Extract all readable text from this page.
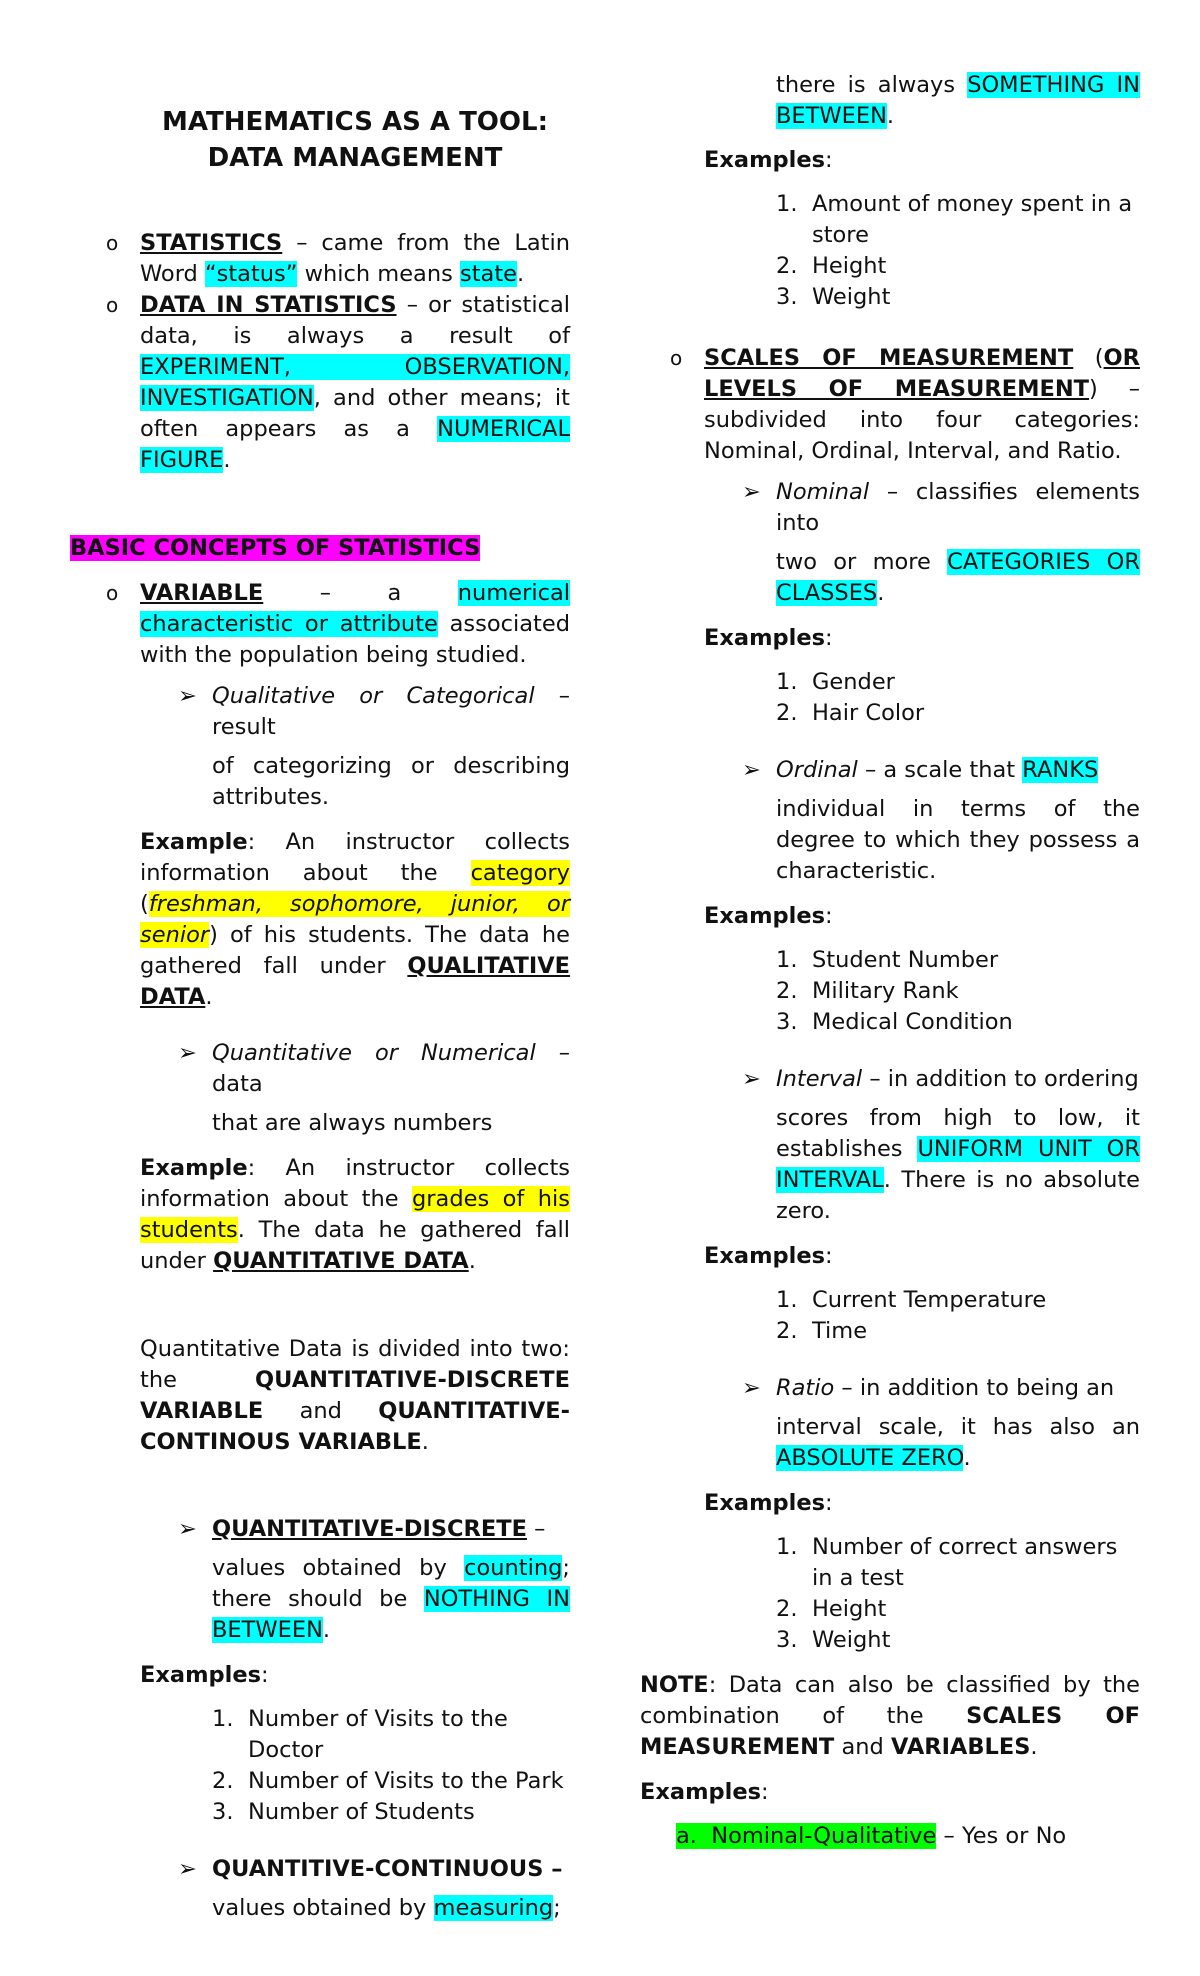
MATHEMATICS AS A TOOL:
DATA MANAGEMENT
o STATISTICS – came from the Latin Word “status” which means state.
o DATA IN STATISTICS – or statistical data, is always a result of EXPERIMENT, OBSERVATION, INVESTIGATION, and other means; it often appears as a NUMERICAL FIGURE.
BASIC CONCEPTS OF STATISTICS
o VARIABLE – a numerical characteristic or attribute associated with the population being studied.
➢ Qualitative or Categorical – result
of categorizing or describing attributes.

Example: An instructor collects information about the category (freshman, sophomore, junior, or senior) of his students. The data he gathered fall under QUALITATIVE DATA.

➢ Quantitative or Numerical – data
that are always numbers

Example: An instructor collects information about the grades of his students. The data he gathered fall under QUANTITATIVE DATA.

Quantitative Data is divided into two: the QUANTITATIVE-DISCRETE VARIABLE and QUANTITATIVE-CONTINOUS VARIABLE.

➢ QUANTITATIVE-DISCRETE –
values obtained by counting; there should be NOTHING IN BETWEEN.
Examples:
1. Number of Visits to the Doctor
2. Number of Visits to the Park
3. Number of Students
➢ QUANTITIVE-CONTINUOUS –
values obtained by measuring;
there is always SOMETHING IN BETWEEN.
Examples:
1. Amount of money spent in a store
2. Height
3. Weight
o SCALES OF MEASUREMENT (OR LEVELS OF MEASUREMENT) – subdivided into four categories: Nominal, Ordinal, Interval, and Ratio.
➢ Nominal – classifies elements into
two or more CATEGORIES OR CLASSES.
Examples:
1. Gender
2. Hair Color
➢ Ordinal – a scale that RANKS
individual in terms of the degree to which they possess a characteristic.
Examples:
1. Student Number
2. Military Rank
3. Medical Condition
➢ Interval – in addition to ordering
scores from high to low, it establishes UNIFORM UNIT OR INTERVAL. There is no absolute zero.
Examples:
1. Current Temperature
2. Time
➢ Ratio – in addition to being an
interval scale, it has also an ABSOLUTE ZERO.
Examples:
1. Number of correct answers in a test
2. Height
3. Weight

NOTE: Data can also be classified by the combination of the SCALES OF MEASUREMENT and VARIABLES.

Examples:
a. Nominal-Qualitative – Yes or No
